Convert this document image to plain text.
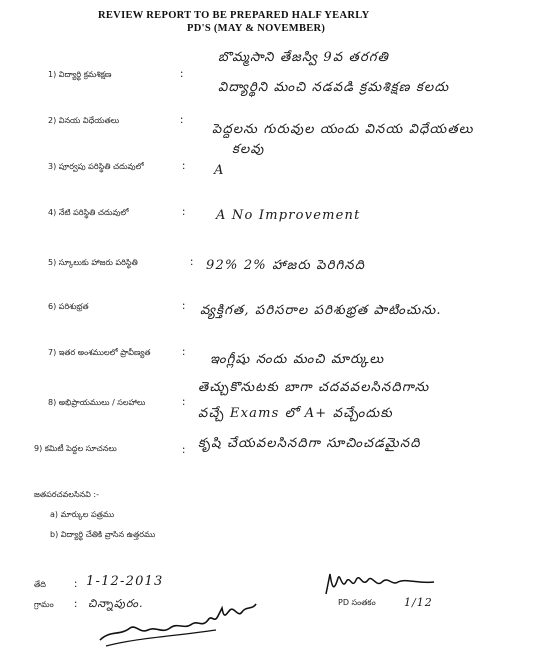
REVIEW REPORT TO BE PREPARED HALF YEARLY
PD'S (MAY & NOVEMBER)
1) విద్యార్థి క్రమశిక్షణ	:
బొమ్మసాని తేజస్వి 9వ తరగతి
విద్యార్థిని మంచి నడవడి క్రమశిక్షణ కలదు
2) వినయ విధేయతలు	:
పెద్దలను గురువుల యందు వినయ విధేయతలు
కలవు
3) పూర్వపు పరిస్థితి చదువులో	: A
4) నేటి పరిస్థితి చదువులో	: A No Improvement
5) స్కూలుకు హాజరు పరిస్థితి	: 92% 2% హాజరు పెరిగినది
6) పరిశుభ్రత	: వ్యక్తిగత, పరిసరాల పరిశుభ్రత పాటించును.
7) ఇతర అంశములలో ప్రావీణ్యత	:
ఇంగ్లీషు నందు మంచి మార్కులు
8) అభిప్రాయములు / సలహాలు	:
తెచ్చుకొనుటకు బాగా చదవవలసినదిగాను
వచ్చే Exams లో A+ వచ్చేందుకు
9) కమిటీ పెద్దల సూచనలు	: కృషి చేయవలసినదిగా సూచించడమైనది
జతపరచవలసినవి :-
a) మార్కుల పత్రము
b) విద్యార్థి చేతికి వ్రాసిన ఉత్తరము
తేది : 1-12-2013
గ్రామం : చిన్నాపురం.	PD సంతకం	1/12
